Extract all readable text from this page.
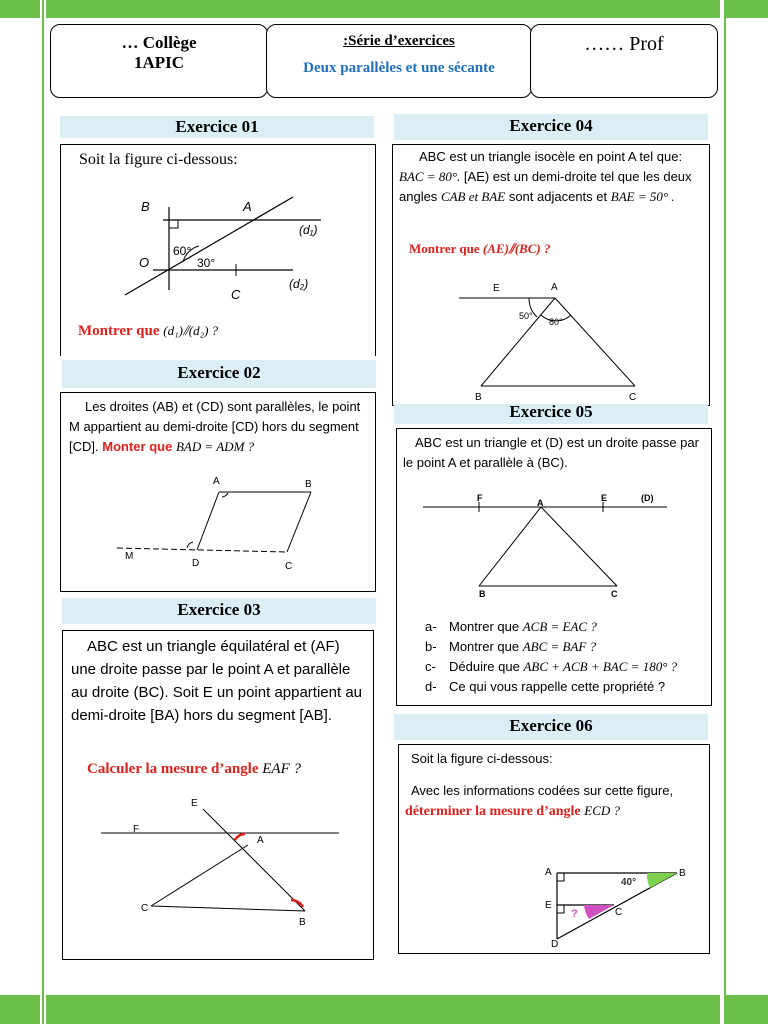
… Collège
1APIC
:Série d’exercices
Deux parallèles et une sécante
…… Prof
Exercice 01
Soit la figure ci-dessous:
B	A
O
C
(d₁)
(d₂)
60°
30°
Montrer que (d₁)⫽(d₂) ?
Exercice 02
Les droites (AB) et (CD) sont parallèles, le point M appartient au demi-droite [CD) hors du segment [CD]. Monter que BAD = ADM ?
A	B
M
D	C
Exercice 03
ABC est un triangle équilatéral et (AF) une droite passe par le point A et parallèle au droite (BC). Soit E un point appartient au demi-droite [BA) hors du segment [AB].
Calculer la mesure d’angle EAF ?
E
F
A
C
B
Exercice 04
ABC est un triangle isocèle en point A tel que: BAC = 80°. [AE) est un demi-droite tel que les deux angles CAB et BAE sont adjacents et BAE = 50° .
Montrer que (AE)⫽(BC) ?
E	A
B	C
50°
80°
Exercice 05
ABC est un triangle et (D) est un droite passe par le point A et parallèle à (BC).
F	A	E	(D)
B	C
a- Montrer que ACB = EAC ?
b- Montrer que ABC = BAF ?
c- Déduire que ABC + ACB + BAC = 180° ?
d- Ce qui vous rappelle cette propriété ?
Exercice 06
Soit la figure ci-dessous:
Avec les informations codées sur cette figure, déterminer la mesure d’angle ECD ?
A	B
E
C
D
40°
?
